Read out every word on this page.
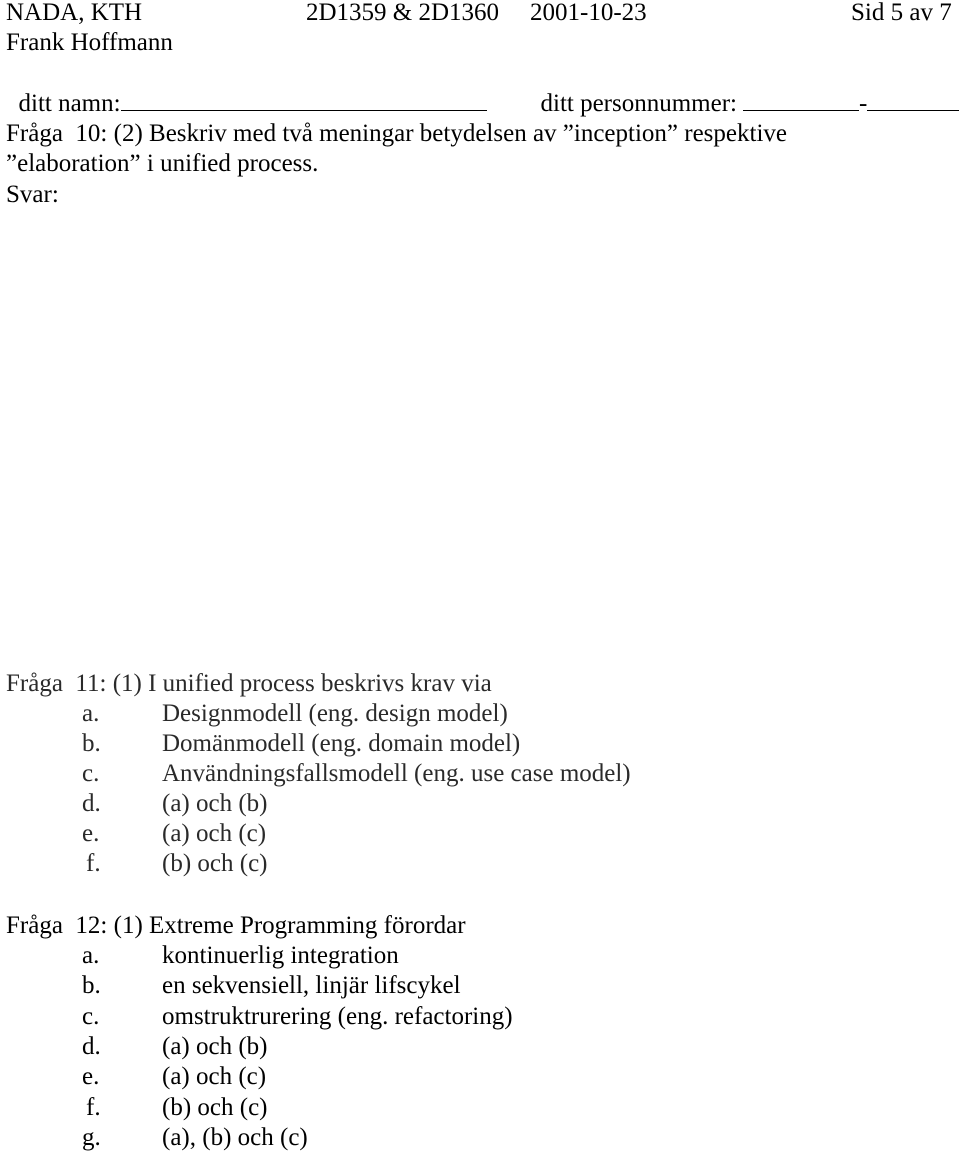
NADA, KTH	2D1359 & 2D1360 2001-10-23	Sid 5 av 7
Frank Hoffmann

ditt namn:	ditt personnummer:	-

Fråga  10: (2) Beskriv med två meningar betydelsen av ”inception” respektive
”elaboration” i unified process.
Svar:
Fråga  11: (1) I unified process beskrivs krav via
a.	Designmodell (eng. design model)
b.	Domänmodell (eng. domain model)
c.	Användningsfallsmodell (eng. use case model)
d.	(a) och (b)
e.	(a) och (c)
f.	(b) och (c)
Fråga  12: (1) Extreme Programming förordar
a.	kontinuerlig integration
b.	en sekvensiell, linjär lifscykel
c.	omstruktrurering (eng. refactoring)
d.	(a) och (b)
e.	(a) och (c)
f.	(b) och (c)
g.	(a), (b) och (c)
